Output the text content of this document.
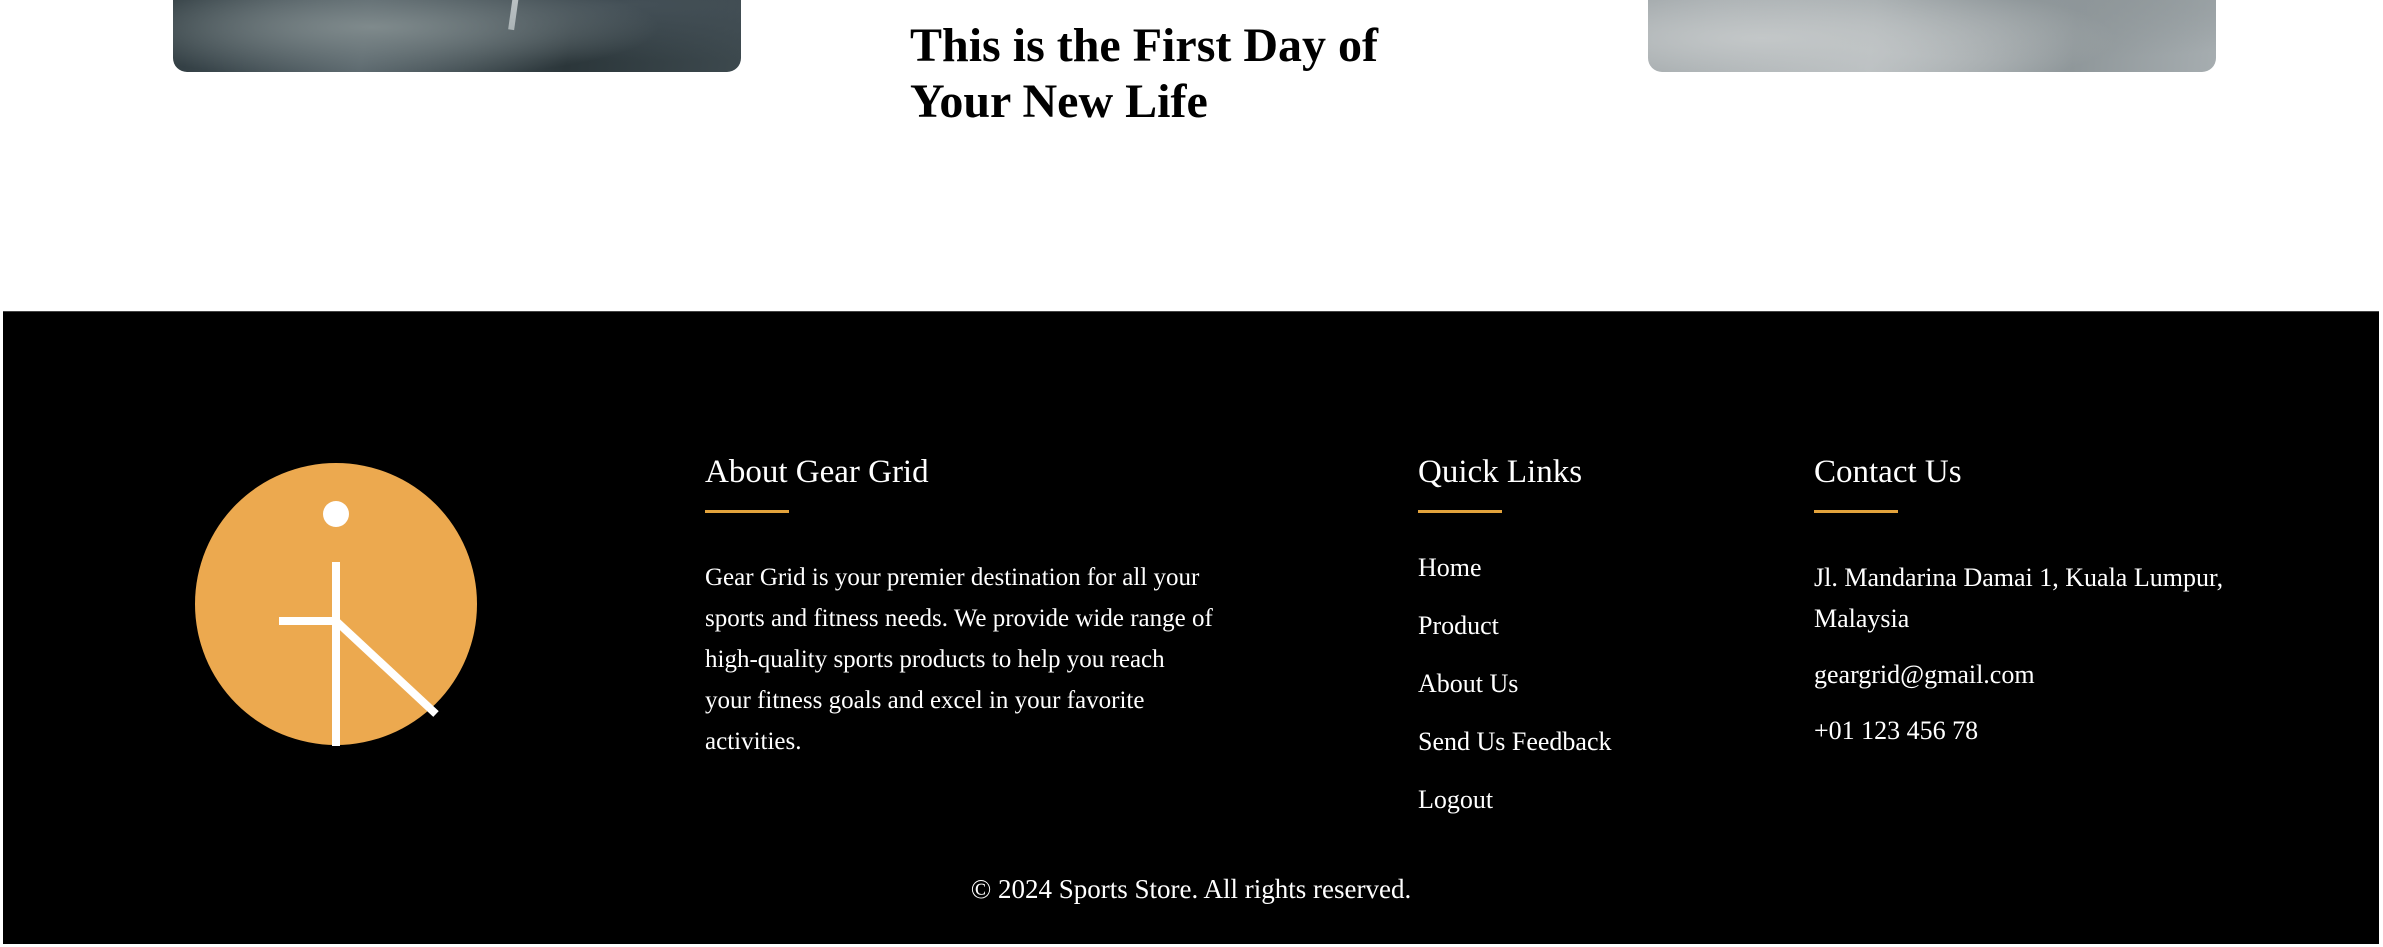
This is the First Day of
Your New Life
About Gear Grid

Gear Grid is your premier destination for all your sports and fitness needs. We provide wide range of high-quality sports products to help you reach your fitness goals and excel in your favorite activities.

Quick Links
Home
Product
About Us
Send Us Feedback
Logout
Contact Us
Jl. Mandarina Damai 1, Kuala Lumpur, Malaysia
geargrid@gmail.com
+01 123 456 78
© 2024 Sports Store. All rights reserved.
